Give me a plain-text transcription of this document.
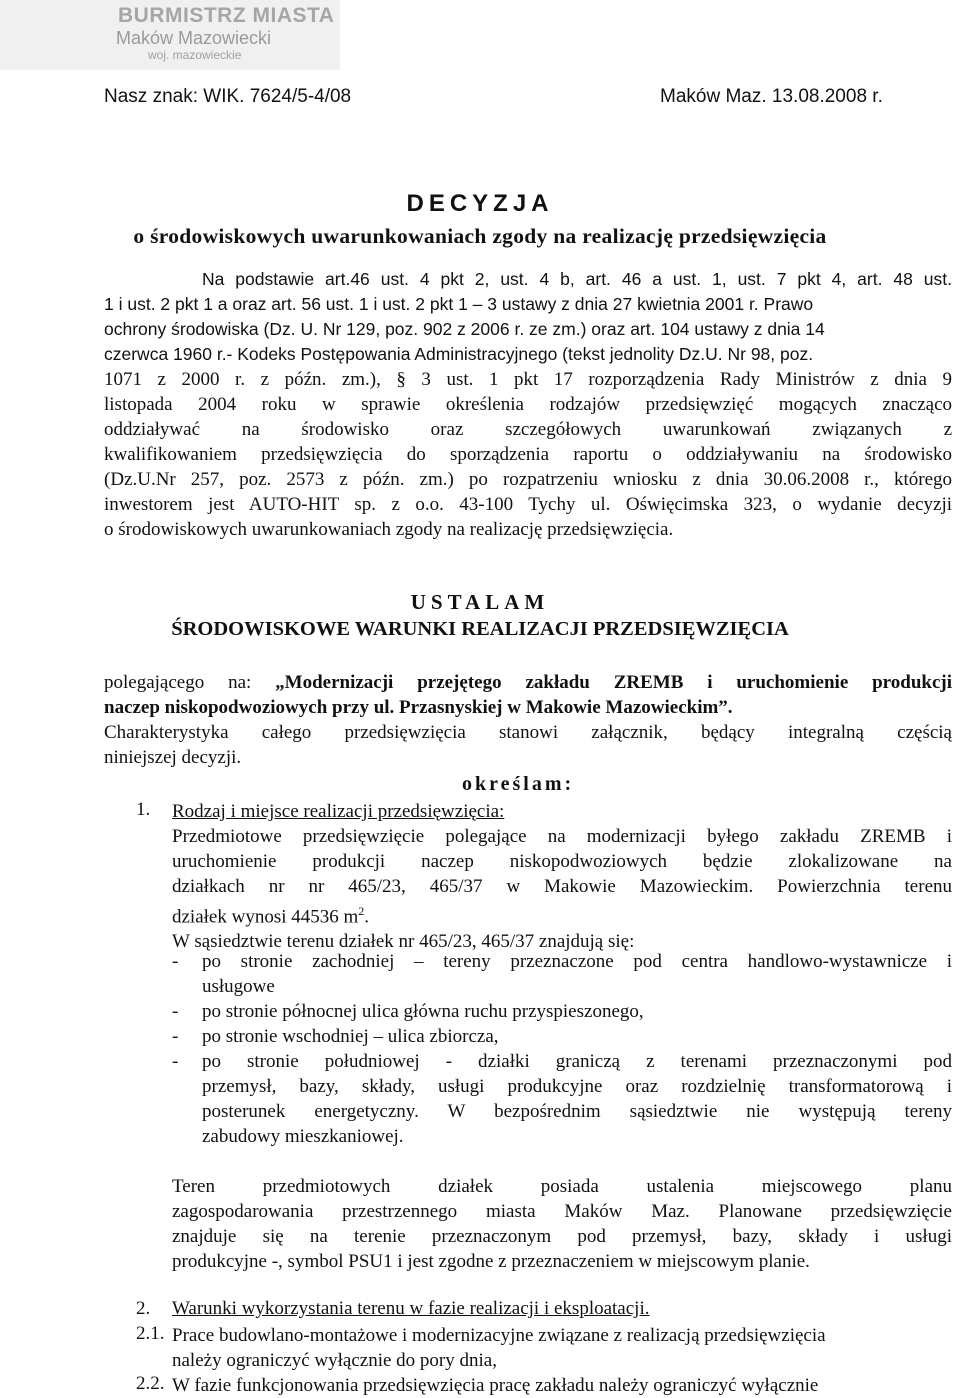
BURMISTRZ MIASTA
Maków Mazowiecki
woj. mazowieckie
Nasz znak: WIK. 7624/5-4/08	Maków Maz. 13.08.2008 r.
DECYZJA
o środowiskowych uwarunkowaniach zgody na realizację przedsięwzięcia
Na podstawie art.46 ust. 4 pkt 2, ust. 4 b, art. 46 a ust. 1, ust. 7 pkt 4, art. 48 ust.
1 i ust. 2 pkt 1 a oraz art. 56 ust. 1 i ust. 2 pkt 1 – 3 ustawy z dnia 27 kwietnia 2001 r. Prawo
ochrony środowiska (Dz. U. Nr 129, poz. 902 z 2006 r. ze zm.) oraz art. 104 ustawy z dnia 14
czerwca 1960 r.- Kodeks Postępowania Administracyjnego (tekst jednolity Dz.U. Nr 98, poz.
1071 z 2000 r. z późn. zm.), § 3 ust. 1 pkt 17 rozporządzenia Rady Ministrów z dnia 9
listopada 2004 roku w sprawie określenia rodzajów przedsięwzięć mogących znacząco
oddziaływać na środowisko oraz szczegółowych uwarunkowań związanych z
kwalifikowaniem przedsięwzięcia do sporządzenia raportu o oddziaływaniu na środowisko
(Dz.U.Nr 257, poz. 2573 z późn. zm.) po rozpatrzeniu wniosku z dnia 30.06.2008 r., którego
inwestorem jest AUTO-HIT sp. z o.o. 43-100 Tychy ul. Oświęcimska 323, o wydanie decyzji
o środowiskowych uwarunkowaniach zgody na realizację przedsięwzięcia.
USTALAM
ŚRODOWISKOWE WARUNKI REALIZACJI PRZEDSIĘWZIĘCIA
polegającego na: „Modernizacji przejętego zakładu ZREMB i uruchomienie produkcji
naczep niskopodwoziowych przy ul. Przasnyskiej w Makowie Mazowieckim”.
Charakterystyka całego przedsięwzięcia stanowi załącznik, będący integralną częścią
niniejszej decyzji.
określam:
1. Rodzaj i miejsce realizacji przedsięwzięcia:
Przedmiotowe przedsięwzięcie polegające na modernizacji byłego zakładu ZREMB i
uruchomienie produkcji naczep niskopodwoziowych będzie zlokalizowane na
działkach nr nr 465/23, 465/37 w Makowie Mazowieckim. Powierzchnia terenu
działek wynosi 44536 $m^2$.
W sąsiedztwie terenu działek nr 465/23, 465/37 znajdują się:
- po stronie zachodniej – tereny przeznaczone pod centra handlowo-wystawnicze i
usługowe
- po stronie północnej ulica główna ruchu przyspieszonego,
- po stronie wschodniej – ulica zbiorcza,
- po stronie południowej - działki graniczą z terenami przeznaczonymi pod
przemysł, bazy, składy, usługi produkcyjne oraz rozdzielnię transformatorową i
posterunek energetyczny. W bezpośrednim sąsiedztwie nie występują tereny
zabudowy mieszkaniowej.
Teren przedmiotowych działek posiada ustalenia miejscowego planu
zagospodarowania przestrzennego miasta Maków Maz. Planowane przedsięwzięcie
znajduje się na terenie przeznaczonym pod przemysł, bazy, składy i usługi
produkcyjne -, symbol PSU1 i jest zgodne z przeznaczeniem w miejscowym planie.
2. Warunki wykorzystania terenu w fazie realizacji i eksploatacji.
2.1. Prace budowlano-montażowe i modernizacyjne związane z realizacją przedsięwzięcia
należy ograniczyć wyłącznie do pory dnia,
2.2. W fazie funkcjonowania przedsięwzięcia pracę zakładu należy ograniczyć wyłącznie
